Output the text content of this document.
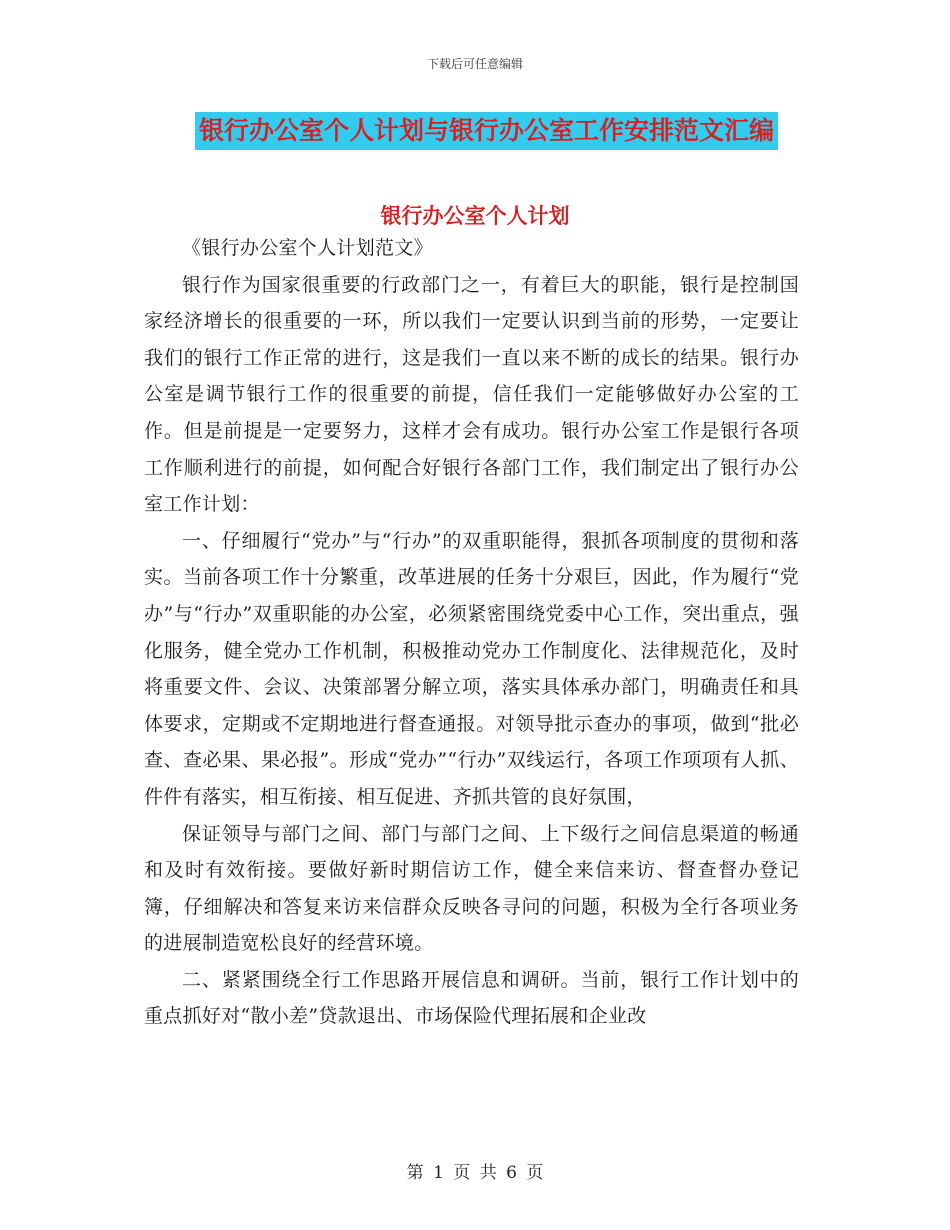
下载后可任意编辑
银行办公室个人计划与银行办公室工作安排范文汇编
银行办公室个人计划

《银行办公室个人计划范文》

银行作为国家很重要的行政部门之一，有着巨大的职能，银行是控制国家经济增长的很重要的一环，所以我们一定要认识到当前的形势，一定要让我们的银行工作正常的进行，这是我们一直以来不断的成长的结果。银行办公室是调节银行工作的很重要的前提，信任我们一定能够做好办公室的工作。但是前提是一定要努力，这样才会有成功。银行办公室工作是银行各项工作顺利进行的前提，如何配合好银行各部门工作，我们制定出了银行办公室工作计划：

一、仔细履行“党办”与“行办”的双重职能得，狠抓各项制度的贯彻和落实。当前各项工作十分繁重，改革进展的任务十分艰巨，因此，作为履行“党办”与“行办”双重职能的办公室，必须紧密围绕党委中心工作，突出重点，强化服务，健全党办工作机制，积极推动党办工作制度化、法律规范化，及时将重要文件、会议、决策部署分解立项，落实具体承办部门，明确责任和具体要求，定期或不定期地进行督查通报。对领导批示查办的事项，做到“批必查、查必果、果必报”。形成“党办”“行办”双线运行，各项工作项项有人抓、件件有落实，相互衔接、相互促进、齐抓共管的良好氛围，

保证领导与部门之间、部门与部门之间、上下级行之间信息渠道的畅通和及时有效衔接。要做好新时期信访工作，健全来信来访、督查督办登记簿，仔细解决和答复来访来信群众反映各寻问的问题，积极为全行各项业务的进展制造宽松良好的经营环境。

二、紧紧围绕全行工作思路开展信息和调研。当前，银行工作计划中的重点抓好对“散小差”贷款退出、市场保险代理拓展和企业改

第 1 页 共 6 页
